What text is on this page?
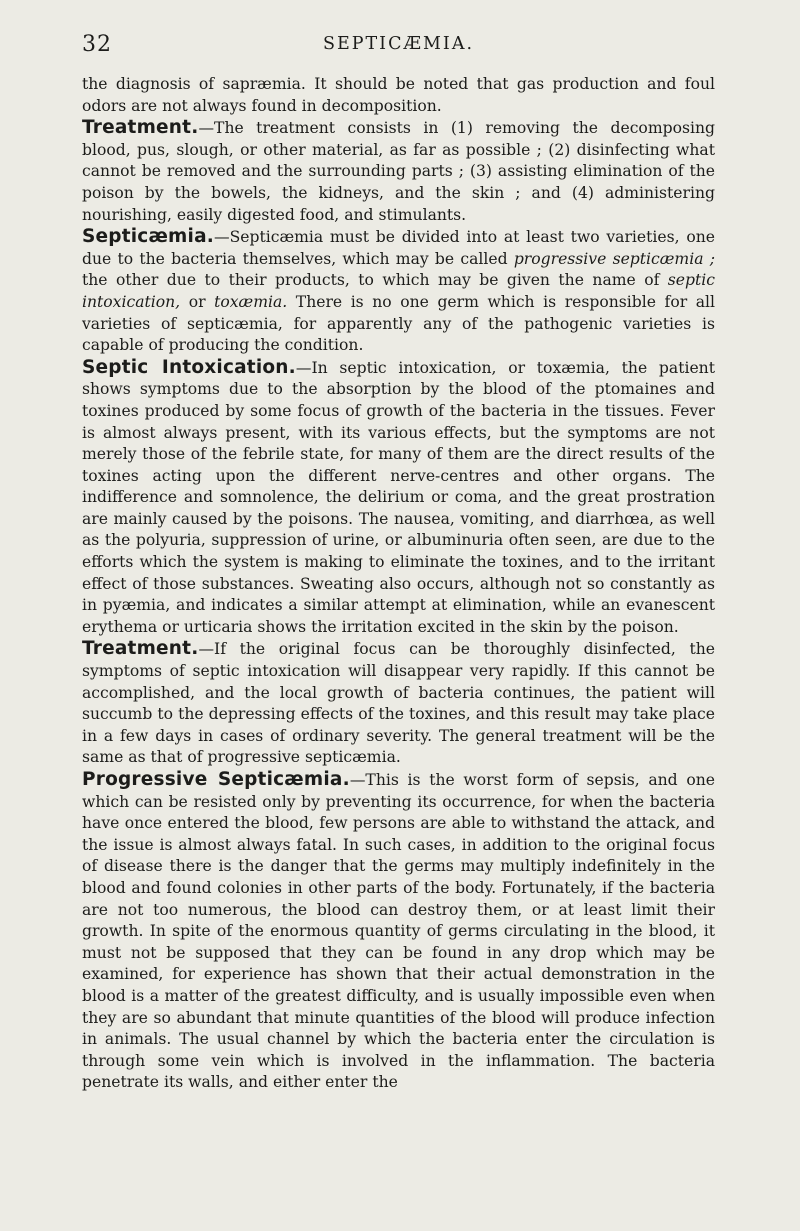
32	SEPTICÆMIA.

the diagnosis of sapræmia. It should be noted that gas production and foul odors are not always found in decomposition.

Treatment.—The treatment consists in (1) removing the decomposing blood, pus, slough, or other material, as far as possible ; (2) disinfecting what cannot be removed and the surrounding parts ; (3) assisting elimination of the poison by the bowels, the kidneys, and the skin ; and (4) administering nourishing, easily digested food, and stimulants.

Septicæmia.—Septicæmia must be divided into at least two varieties, one due to the bacteria themselves, which may be called progressive septicæmia ; the other due to their products, to which may be given the name of septic intoxication, or toxæmia. There is no one germ which is responsible for all varieties of septicæmia, for apparently any of the pathogenic varieties is capable of producing the condition.

Septic Intoxication.—In septic intoxication, or toxæmia, the patient shows symptoms due to the absorption by the blood of the ptomaines and toxines produced by some focus of growth of the bacteria in the tissues. Fever is almost always present, with its various effects, but the symptoms are not merely those of the febrile state, for many of them are the direct results of the toxines acting upon the different nerve-centres and other organs. The indifference and somnolence, the delirium or coma, and the great prostration are mainly caused by the poisons. The nausea, vomiting, and diarrhœa, as well as the polyuria, suppression of urine, or albuminuria often seen, are due to the efforts which the system is making to eliminate the toxines, and to the irritant effect of those substances. Sweating also occurs, although not so constantly as in pyæmia, and indicates a similar attempt at elimination, while an evanescent erythema or urticaria shows the irritation excited in the skin by the poison.

Treatment.—If the original focus can be thoroughly disinfected, the symptoms of septic intoxication will disappear very rapidly. If this cannot be accomplished, and the local growth of bacteria continues, the patient will succumb to the depressing effects of the toxines, and this result may take place in a few days in cases of ordinary severity. The general treatment will be the same as that of progressive septicæmia.

Progressive Septicæmia.—This is the worst form of sepsis, and one which can be resisted only by preventing its occurrence, for when the bacteria have once entered the blood, few persons are able to withstand the attack, and the issue is almost always fatal. In such cases, in addition to the original focus of disease there is the danger that the germs may multiply indefinitely in the blood and found colonies in other parts of the body. Fortunately, if the bacteria are not too numerous, the blood can destroy them, or at least limit their growth. In spite of the enormous quantity of germs circulating in the blood, it must not be supposed that they can be found in any drop which may be examined, for experience has shown that their actual demonstration in the blood is a matter of the greatest difficulty, and is usually impossible even when they are so abundant that minute quantities of the blood will produce infection in animals. The usual channel by which the bacteria enter the circulation is through some vein which is involved in the inflammation. The bacteria penetrate its walls, and either enter the
